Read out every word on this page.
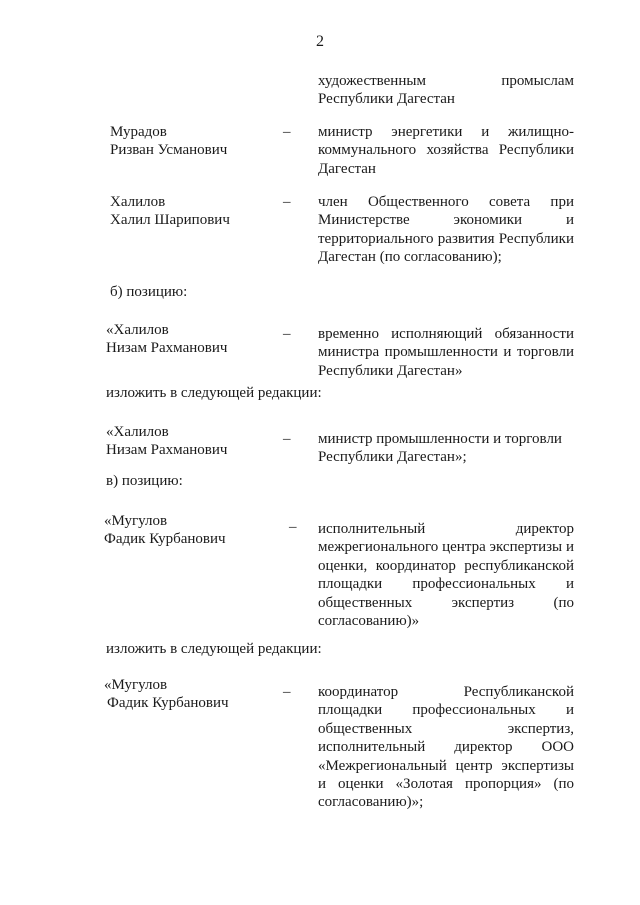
2
художественным промыслам Республики Дагестан
Мурадов
Ризван Усманович
– министр энергетики и жилищно-коммунального хозяйства Республики Дагестан
Халилов
Халил Шарипович
– член Общественного совета при Министерстве экономики и территориального развития Республики Дагестан (по согласованию);
б) позицию:
«Халилов
Низам Рахманович
– временно исполняющий обязанности министра промышленности и торговли Республики Дагестан»
изложить в следующей редакции:
«Халилов
Низам Рахманович
– министр промышленности и торговли Республики Дагестан»;
в) позицию:
«Мугулов
Фадик Курбанович
– исполнительный директор межрегионального центра экспертизы и оценки, координатор республиканской площадки профессиональных и общественных экспертиз (по согласованию)»
изложить в следующей редакции:
«Мугулов
Фадик Курбанович
– координатор Республиканской площадки профессиональных и общественных экспертиз, исполнительный директор ООО «Межрегиональный центр экспертизы и оценки «Золотая пропорция» (по согласованию)»;
